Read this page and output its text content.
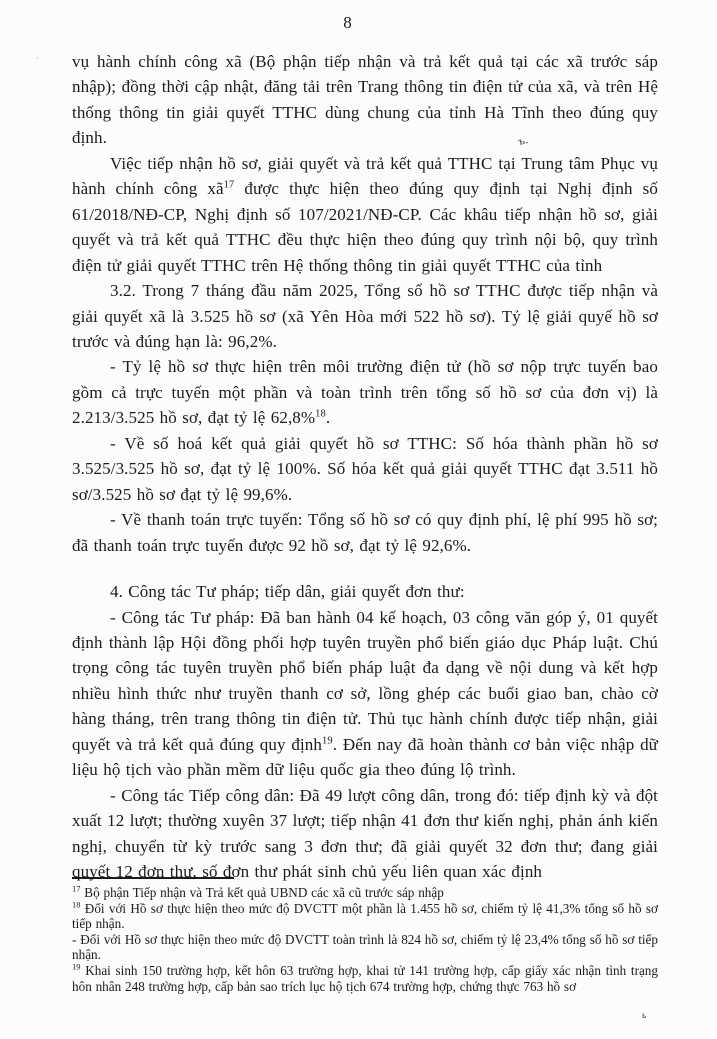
8

vụ hành chính công xã (Bộ phận tiếp nhận và trả kết quả tại các xã trước sáp nhập); đồng thời cập nhật, đăng tải trên Trang thông tin điện tử của xã, và trên Hệ thống thông tin giải quyết TTHC dùng chung của tỉnh Hà Tĩnh theo đúng quy định.

Việc tiếp nhận hồ sơ, giải quyết và trả kết quả TTHC tại Trung tâm Phục vụ hành chính công $xã^{17}$ được thực hiện theo đúng quy định tại Nghị định số 61/2018/NĐ-CP, Nghị định số 107/2021/NĐ-CP. Các khâu tiếp nhận hồ sơ, giải quyết và trả kết quả TTHC đều thực hiện theo đúng quy trình nội bộ, quy trình điện tử giải quyết TTHC trên Hệ thống thông tin giải quyết TTHC của tỉnh

3.2. Trong 7 tháng đầu năm 2025, Tổng số hồ sơ TTHC được tiếp nhận và giải quyết xã là 3.525 hồ sơ (xã Yên Hòa mới 522 hồ sơ). Tỷ lệ giải quyế hồ sơ trước và đúng hạn là: 96,2%.

- Tỷ lệ hồ sơ thực hiện trên môi trường điện tử (hồ sơ nộp trực tuyến bao gồm cả trực tuyến một phần và toàn trình trên tổng số hồ sơ của đơn vị) là 2.213/3.525 hồ sơ, đạt tỷ lệ 62,8%$^{18}$.

- Về số hoá kết quả giải quyết hồ sơ TTHC: Số hóa thành phần hồ sơ 3.525/3.525 hồ sơ, đạt tỷ lệ 100%. Số hóa kết quả giải quyết TTHC đạt 3.511 hồ sơ/3.525 hồ sơ đạt tỷ lệ 99,6%.

- Về thanh toán trực tuyến: Tổng số hồ sơ có quy định phí, lệ phí 995 hồ sơ; đã thanh toán trực tuyến được 92 hồ sơ, đạt tỷ lệ 92,6%.

4. Công tác Tư pháp; tiếp dân, giải quyết đơn thư:

- Công tác Tư pháp: Đã ban hành 04 kế hoạch, 03 công văn góp ý, 01 quyết định thành lập Hội đồng phối hợp tuyên truyền phổ biến giáo dục Pháp luật. Chú trọng công tác tuyên truyền phổ biến pháp luật đa dạng về nội dung và kết hợp nhiều hình thức như truyền thanh cơ sở, lồng ghép các buổi giao ban, chào cờ hàng tháng, trên trang thông tin điện tử. Thủ tục hành chính được tiếp nhận, giải quyết và trả kết quả đúng quy định$^{19}$. Đến nay đã hoàn thành cơ bản việc nhập dữ liệu hộ tịch vào phần mềm dữ liệu quốc gia theo đúng lộ trình.

- Công tác Tiếp công dân: Đã 49 lượt công dân, trong đó: tiếp định kỳ và đột xuất 12 lượt; thường xuyên 37 lượt; tiếp nhận 41 đơn thư kiến nghị, phản ánh kiến nghị, chuyển từ kỳ trước sang 3 đơn thư; đã giải quyết 32 đơn thư; đang giải quyết 12 đơn thư, số đơn thư phát sinh chủ yếu liên quan xác định

$^{17}$ Bộ phận Tiếp nhận và Trả kết quả UBND các xã cũ trước sáp nhập
$^{18}$ Đối với Hồ sơ thực hiện theo mức độ DVCTT một phần là 1.455 hồ sơ, chiếm tỷ lệ 41,3% tổng số hồ sơ tiếp nhận.
- Đối với Hồ sơ thực hiện theo mức độ DVCTT toàn trình là 824 hồ sơ, chiếm tỷ lệ 23,4% tổng số hồ sơ tiếp nhận.
$^{19}$ Khai sinh 150 trường hợp, kết hôn 63 trường hợp, khai tử 141 trường hợp, cấp giấy xác nhận tình trạng hôn nhân 248 trường hợp, cấp bản sao trích lục hộ tịch 674 trường hợp, chứng thực 763 hồ sơ
ъ.
·
ь
·
